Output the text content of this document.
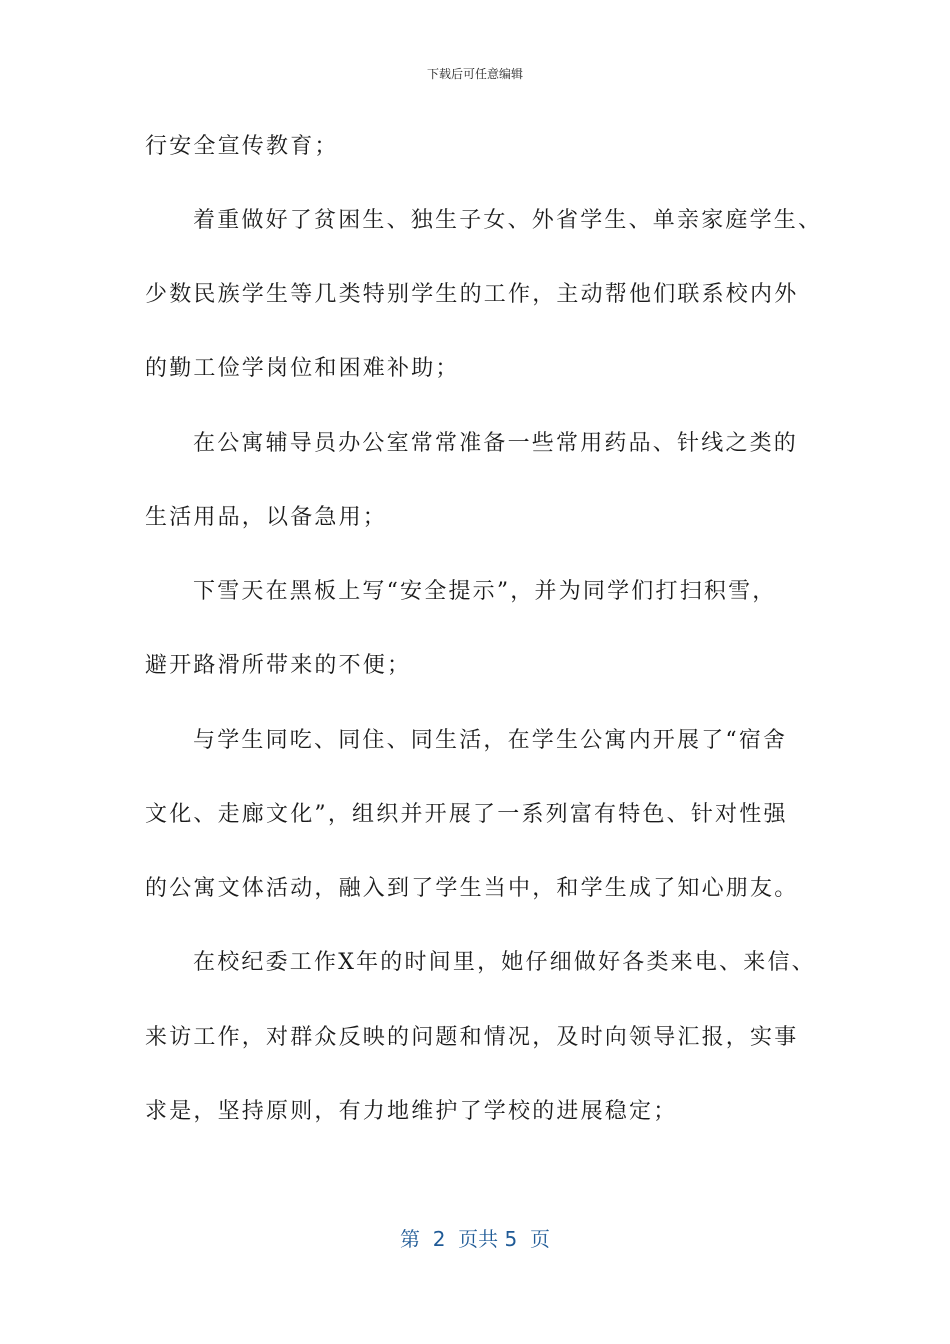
下载后可任意编辑
行安全宣传教育；
着重做好了贫困生、独生子女、外省学生、单亲家庭学生、
少数民族学生等几类特别学生的工作，主动帮他们联系校内外
的勤工俭学岗位和困难补助；
在公寓辅导员办公室常常准备一些常用药品、针线之类的
生活用品，以备急用；
下雪天在黑板上写“安全提示”，并为同学们打扫积雪，
避开路滑所带来的不便；
与学生同吃、同住、同生活，在学生公寓内开展了“宿舍
文化、走廊文化”，组织并开展了一系列富有特色、针对性强
的公寓文体活动，融入到了学生当中，和学生成了知心朋友。
在校纪委工作X年的时间里，她仔细做好各类来电、来信、
来访工作，对群众反映的问题和情况，及时向领导汇报，实事
求是，坚持原则，有力地维护了学校的进展稳定；
第  2  页共 5  页
